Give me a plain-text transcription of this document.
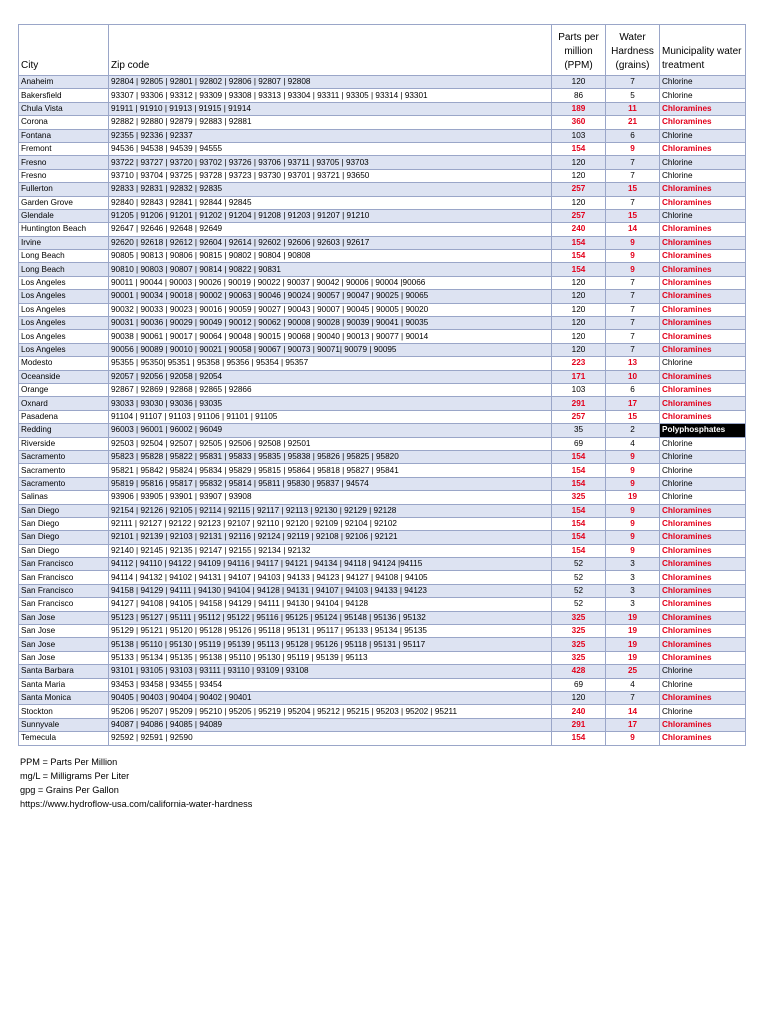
City	Zip code	Parts per million (PPM)	Water Hardness (grains)	Municipality water treatment
Anaheim	92804 | 92805 | 92801 | 92802 | 92806 | 92807 | 92808	120	7	Chlorine
Bakersfield	93307 | 93306 | 93312 | 93309 | 93308 | 93313 | 93304 | 93311 | 93305 | 93314 | 93301	86	5	Chlorine
Chula Vista	91911 | 91910 | 91913 | 91915 | 91914	189	11	Chloramines
Corona	92882 | 92880 | 92879 | 92883 | 92881	360	21	Chloramines
Fontana	92355 | 92336 | 92337	103	6	Chlorine
Fremont	94536 | 94538 | 94539 | 94555	154	9	Chloramines
Fresno	93722 | 93727 | 93720 | 93702 | 93726 | 93706 | 93711 | 93705 | 93703	120	7	Chlorine
Fresno	93710 | 93704 | 93725 | 93728 | 93723 | 93730 | 93701 | 93721 | 93650	120	7	Chlorine
Fullerton	92833 | 92831 | 92832 | 92835	257	15	Chloramines
Garden Grove	92840 | 92843 | 92841 | 92844 | 92845	120	7	Chloramines
Glendale	91205 | 91206 | 91201 | 91202 | 91204 | 91208 | 91203 | 91207 | 91210	257	15	Chlorine
Huntington Beach	92647 | 92646 | 92648 | 92649	240	14	Chloramines
Irvine	92620 | 92618 | 92612 | 92604 | 92614 | 92602 | 92606 | 92603 | 92617	154	9	Chloramines
Long Beach	90805 | 90813 | 90806 | 90815 | 90802 | 90804 | 90808	154	9	Chloramines
Long Beach	90810 | 90803 | 90807 | 90814 | 90822 | 90831	154	9	Chloramines
Los Angeles	90011 | 90044 | 90003 | 90026 | 90019 | 90022 | 90037 | 90042 | 90006 | 90004 |90066	120	7	Chloramines
Los Angeles	90001 | 90034 | 90018 | 90002 | 90063 | 90046 | 90024 | 90057 | 90047 | 90025 | 90065	120	7	Chloramines
Los Angeles	90032 | 90033 | 90023 | 90016 | 90059 | 90027 | 90043 | 90007 | 90045 | 90005 | 90020	120	7	Chloramines
Los Angeles	90031 | 90036 | 90029 | 90049 | 90012 | 90062 | 90008 | 90028 | 90039 | 90041 | 90035	120	7	Chloramines
Los Angeles	90038 | 90061 | 90017 | 90064 | 90048 | 90015 | 90068 | 90040 | 90013 | 90077 | 90014	120	7	Chloramines
Los Angeles	90056 | 90089 | 90010 | 90021 | 90058 | 90067 | 90073 | 90071| 90079 | 90095	120	7	Chloramines
Modesto	95355 | 95350| 95351 | 95358 | 95356 | 95354 | 95357	223	13	Chlorine
Oceanside	92057 | 92056 | 92058 | 92054	171	10	Chloramines
Orange	92867 | 92869 | 92868 | 92865 | 92866	103	6	Chloramines
Oxnard	93033 | 93030 | 93036 | 93035	291	17	Chloramines
Pasadena	91104 | 91107 | 91103 | 91106 | 91101 | 91105	257	15	Chloramines
Redding	96003 | 96001 | 96002 | 96049	35	2	Polyphosphates
Riverside	92503 | 92504 | 92507 | 92505 | 92506 | 92508 | 92501	69	4	Chlorine
Sacramento	95823 | 95828 | 95822 | 95831 | 95833 | 95835 | 95838 | 95826 | 95825 | 95820	154	9	Chlorine
Sacramento	95821 | 95842 | 95824 | 95834 | 95829 | 95815 | 95864 | 95818 | 95827 | 95841	154	9	Chlorine
Sacramento	95819 | 95816 | 95817 | 95832 | 95814 | 95811 | 95830 | 95837 | 94574	154	9	Chlorine
Salinas	93906 | 93905 | 93901 | 93907 | 93908	325	19	Chlorine
San Diego	92154 | 92126 | 92105 | 92114 | 92115 | 92117 | 92113 | 92130 | 92129 | 92128	154	9	Chloramines
San Diego	92111 | 92127 | 92122 | 92123 | 92107 | 92110 | 92120 | 92109 | 92104 | 92102	154	9	Chloramines
San Diego	92101 | 92139 | 92103 | 92131 | 92116 | 92124 | 92119 | 92108 | 92106 | 92121	154	9	Chloramines
San Diego	92140 | 92145 | 92135 | 92147 | 92155 | 92134 | 92132	154	9	Chloramines
San Francisco	94112 | 94110 | 94122 | 94109 | 94116 | 94117 | 94121 | 94134 | 94118 | 94124 |94115	52	3	Chloramines
San Francisco	94114 | 94132 | 94102 | 94131 | 94107 | 94103 | 94133 | 94123 | 94127 | 94108 | 94105	52	3	Chloramines
San Francisco	94158 | 94129 | 94111 | 94130 | 94104 | 94128 | 94131 | 94107 | 94103 | 94133 | 94123	52	3	Chloramines
San Francisco	94127 | 94108 | 94105 | 94158 | 94129 | 94111 | 94130 | 94104 | 94128	52	3	Chloramines
San Jose	95123 | 95127 | 95111 | 95112 | 95122 | 95116 | 95125 | 95124 | 95148 | 95136 | 95132	325	19	Chloramines
San Jose	95129 | 95121 | 95120 | 95128 | 95126 | 95118 | 95131 | 95117 | 95133 | 95134 | 95135	325	19	Chloramines
San Jose	95138 | 95110 | 95130 | 95119 | 95139 | 95113 | 95128 | 95126 | 95118 | 95131 | 95117	325	19	Chloramines
San Jose	95133 | 95134 | 95135 | 95138 | 95110 | 95130 | 95119 | 95139 | 95113	325	19	Chloramines
Santa Barbara	93101 | 93105 | 93103 | 93111 | 93110 | 93109 | 93108	428	25	Chlorine
Santa Maria	93453 | 93458 | 93455 | 93454	69	4	Chlorine
Santa Monica	90405 | 90403 | 90404 | 90402 | 90401	120	7	Chloramines
Stockton	95206 | 95207 | 95209 | 95210 | 95205 | 95219 | 95204 | 95212 | 95215 | 95203 | 95202 | 95211	240	14	Chlorine
Sunnyvale	94087 | 94086 | 94085 | 94089	291	17	Chloramines
Temecula	92592 | 92591 | 92590	154	9	Chloramines
PPM = Parts Per Million
mg/L = Milligrams Per Liter
gpg = Grains Per Gallon
https://www.hydroflow-usa.com/california-water-hardness
